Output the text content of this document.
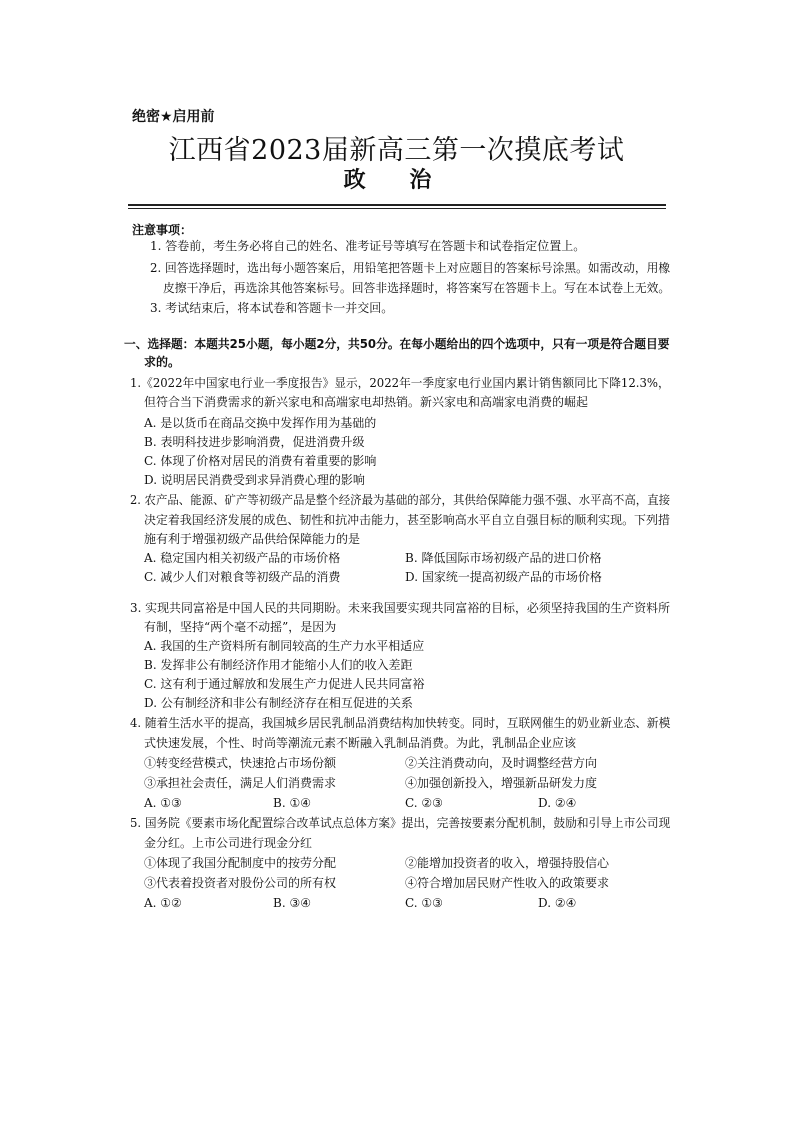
绝密★启用前
江西省2023届新高三第一次摸底考试
政 治
注意事项：
1. 答卷前，考生务必将自己的姓名、准考证号等填写在答题卡和试卷指定位置上。
2. 回答选择题时，选出每小题答案后，用铅笔把答题卡上对应题目的答案标号涂黑。如需改动，用橡
皮擦干净后，再选涂其他答案标号。回答非选择题时，将答案写在答题卡上。写在本试卷上无效。
3. 考试结束后，将本试卷和答题卡一并交回。
一、选择题：本题共25小题，每小题2分，共50分。在每小题给出的四个选项中，只有一项是符合题目要
求的。
1.《2022年中国家电行业一季度报告》显示，2022年一季度家电行业国内累计销售额同比下降12.3%，
但符合当下消费需求的新兴家电和高端家电却热销。新兴家电和高端家电消费的崛起
A. 是以货币在商品交换中发挥作用为基础的
B. 表明科技进步影响消费，促进消费升级
C. 体现了价格对居民的消费有着重要的影响
D. 说明居民消费受到求异消费心理的影响
2. 农产品、能源、矿产等初级产品是整个经济最为基础的部分，其供给保障能力强不强、水平高不高，直接
决定着我国经济发展的成色、韧性和抗冲击能力，甚至影响高水平自立自强目标的顺利实现。下列措
施有利于增强初级产品供给保障能力的是
A. 稳定国内相关初级产品的市场价格	B. 降低国际市场初级产品的进口价格
C. 减少人们对粮食等初级产品的消费	D. 国家统一提高初级产品的市场价格
3. 实现共同富裕是中国人民的共同期盼。未来我国要实现共同富裕的目标，必须坚持我国的生产资料所
有制，坚持“两个毫不动摇”，是因为
A. 我国的生产资料所有制同较高的生产力水平相适应
B. 发挥非公有制经济作用才能缩小人们的收入差距
C. 这有利于通过解放和发展生产力促进人民共同富裕
D. 公有制经济和非公有制经济存在相互促进的关系
4. 随着生活水平的提高，我国城乡居民乳制品消费结构加快转变。同时，互联网催生的奶业新业态、新模
式快速发展，个性、时尚等潮流元素不断融入乳制品消费。为此，乳制品企业应该
①转变经营模式，快速抢占市场份额	②关注消费动向，及时调整经营方向
③承担社会责任，满足人们消费需求	④加强创新投入，增强新品研发力度
A. ①③	B. ①④	C. ②③	D. ②④
5. 国务院《要素市场化配置综合改革试点总体方案》提出，完善按要素分配机制，鼓励和引导上市公司现
金分红。上市公司进行现金分红
①体现了我国分配制度中的按劳分配	②能增加投资者的收入，增强持股信心
③代表着投资者对股份公司的所有权	④符合增加居民财产性收入的政策要求
A. ①②	B. ③④	C. ①③	D. ②④
